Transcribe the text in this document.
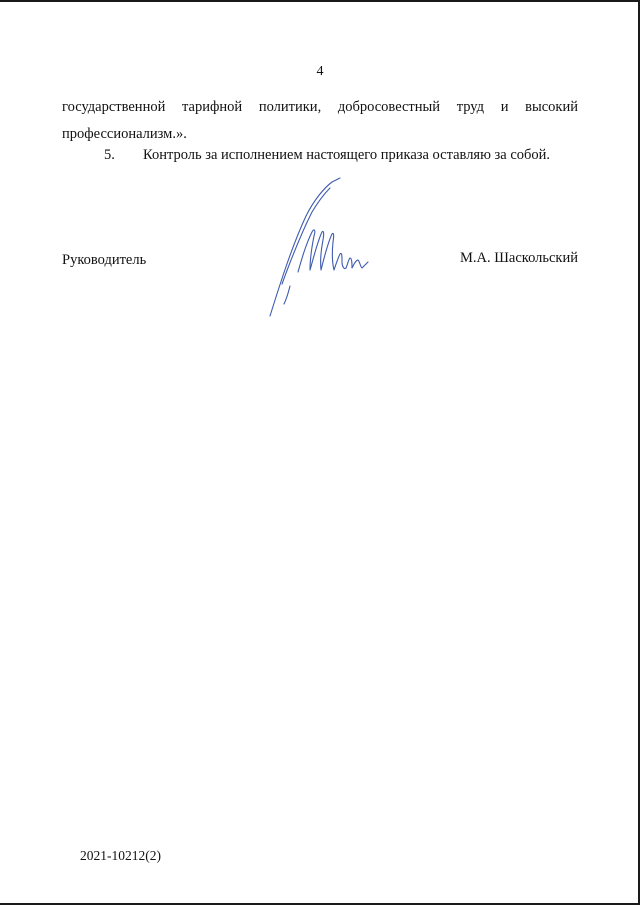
4
государственной тарифной политики, добросовестный труд и высокий
профессионализм.».
5. Контроль за исполнением настоящего приказа оставляю за собой.
Руководитель	М.А. Шаскольский
2021-10212(2)
